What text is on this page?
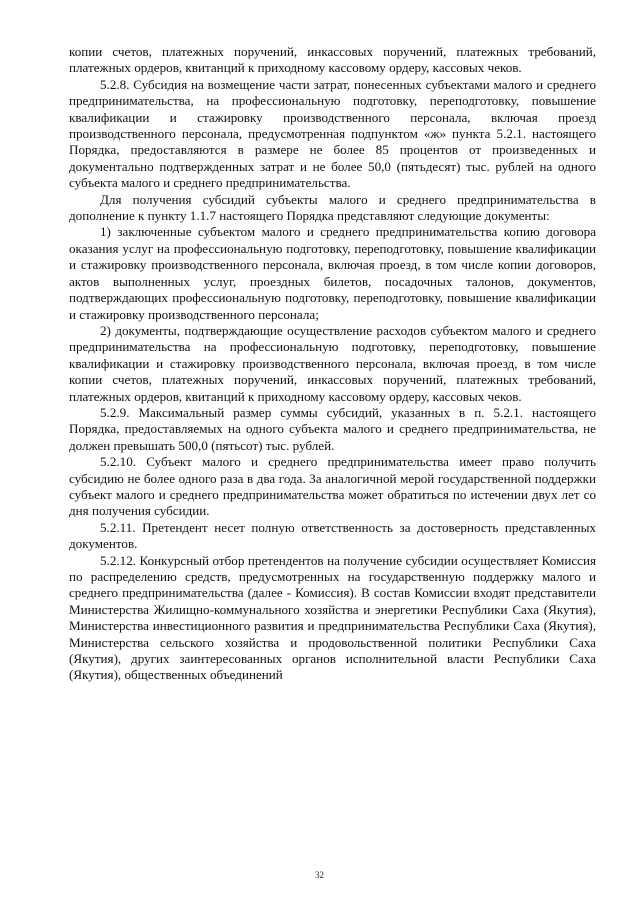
копии счетов, платежных поручений, инкассовых поручений, платежных требований, платежных ордеров, квитанций к приходному кассовому ордеру, кассовых чеков.

5.2.8. Субсидия на возмещение части затрат, понесенных субъектами малого и среднего предпринимательства, на профессиональную подготовку, переподготовку, повышение квалификации и стажировку производственного персонала, включая проезд производственного персонала, предусмотренная подпунктом «ж» пункта 5.2.1. настоящего Порядка, предоставляются в размере не более 85 процентов от произведенных и документально подтвержденных затрат и не более 50,0 (пятьдесят) тыс. рублей на одного субъекта малого и среднего предпринимательства.

Для получения субсидий субъекты малого и среднего предпринимательства в дополнение к пункту 1.1.7 настоящего Порядка представляют следующие документы:

1) заключенные субъектом малого и среднего предпринимательства копию договора оказания услуг на профессиональную подготовку, переподготовку, повышение квалификации и стажировку производственного персонала, включая проезд, в том числе копии договоров, актов выполненных услуг, проездных билетов, посадочных талонов, документов, подтверждающих профессиональную подготовку, переподготовку, повышение квалификации и стажировку производственного персонала;

2) документы, подтверждающие осуществление расходов субъектом малого и среднего предпринимательства на профессиональную подготовку, переподготовку, повышение квалификации и стажировку производственного персонала, включая проезд, в том числе копии счетов, платежных поручений, инкассовых поручений, платежных требований, платежных ордеров, квитанций к приходному кассовому ордеру, кассовых чеков.

5.2.9. Максимальный размер суммы субсидий, указанных в п. 5.2.1. настоящего Порядка, предоставляемых на одного субъекта малого и среднего предпринимательства, не должен превышать 500,0 (пятьсот) тыс. рублей.

5.2.10. Субъект малого и среднего предпринимательства имеет право получить субсидию не более одного раза в два года. За аналогичной мерой государственной поддержки субъект малого и среднего предпринимательства может обратиться по истечении двух лет со дня получения субсидии.

5.2.11. Претендент несет полную ответственность за достоверность представленных документов.

5.2.12. Конкурсный отбор претендентов на получение субсидии осуществляет Комиссия по распределению средств, предусмотренных на государственную поддержку малого и среднего предпринимательства (далее - Комиссия). В состав Комиссии входят представители Министерства Жилищно-коммунального хозяйства и энергетики Республики Саха (Якутия), Министерства инвестиционного развития и предпринимательства Республики Саха (Якутия), Министерства сельского хозяйства и продовольственной политики Республики Саха (Якутия), других заинтересованных органов исполнительной власти Республики Саха (Якутия), общественных объединений

32
